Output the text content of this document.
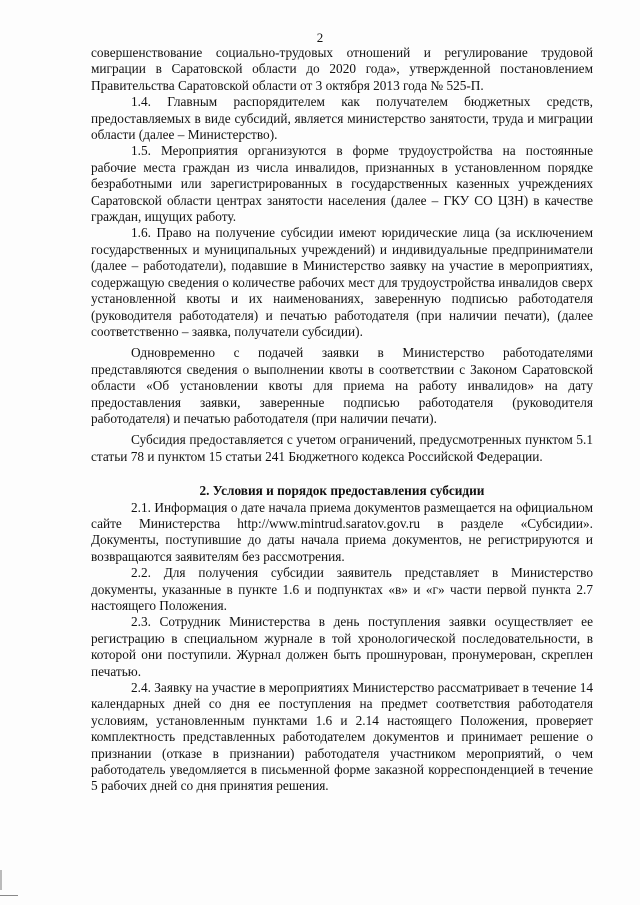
2

совершенствование социально-трудовых отношений и регулирование трудовой миграции в Саратовской области до 2020 года», утвержденной постановлением Правительства Саратовской области от 3 октября 2013 года № 525-П.

1.4. Главным распорядителем как получателем бюджетных средств, предоставляемых в виде субсидий, является министерство занятости, труда и миграции области (далее – Министерство).

1.5. Мероприятия организуются в форме трудоустройства на постоянные рабочие места граждан из числа инвалидов, признанных в установленном порядке безработными или зарегистрированных в государственных казенных учреждениях Саратовской области центрах занятости населения (далее – ГКУ СО ЦЗН) в качестве граждан, ищущих работу.

1.6. Право на получение субсидии имеют юридические лица (за исключением государственных и муниципальных учреждений) и индивидуальные предприниматели (далее – работодатели), подавшие в Министерство заявку на участие в мероприятиях, содержащую сведения о количестве рабочих мест для трудоустройства инвалидов сверх установленной квоты и их наименованиях, заверенную подписью работодателя (руководителя работодателя) и печатью работодателя (при наличии печати), (далее соответственно – заявка, получатели субсидии).

Одновременно с подачей заявки в Министерство работодателями представляются сведения о выполнении квоты в соответствии с Законом Саратовской области «Об установлении квоты для приема на работу инвалидов» на дату предоставления заявки, заверенные подписью работодателя (руководителя работодателя) и печатью работодателя (при наличии печати).

Субсидия предоставляется с учетом ограничений, предусмотренных пунктом 5.1 статьи 78 и пунктом 15 статьи 241 Бюджетного кодекса Российской Федерации.

2. Условия и порядок предоставления субсидии

2.1. Информация о дате начала приема документов размещается на официальном сайте Министерства http://www.mintrud.saratov.gov.ru в разделе «Субсидии». Документы, поступившие до даты начала приема документов, не регистрируются и возвращаются заявителям без рассмотрения.

2.2. Для получения субсидии заявитель представляет в Министерство документы, указанные в пункте 1.6 и подпунктах «в» и «г» части первой пункта 2.7 настоящего Положения.

2.3. Сотрудник Министерства в день поступления заявки осуществляет ее регистрацию в специальном журнале в той хронологической последовательности, в которой они поступили. Журнал должен быть прошнурован, пронумерован, скреплен печатью.

2.4. Заявку на участие в мероприятиях Министерство рассматривает в течение 14 календарных дней со дня ее поступления на предмет соответствия работодателя условиям, установленным пунктами 1.6 и 2.14 настоящего Положения, проверяет комплектность представленных работодателем документов и принимает решение о признании (отказе в признании) работодателя участником мероприятий, о чем работодатель уведомляется в письменной форме заказной корреспонденцией в течение 5 рабочих дней со дня принятия решения.
